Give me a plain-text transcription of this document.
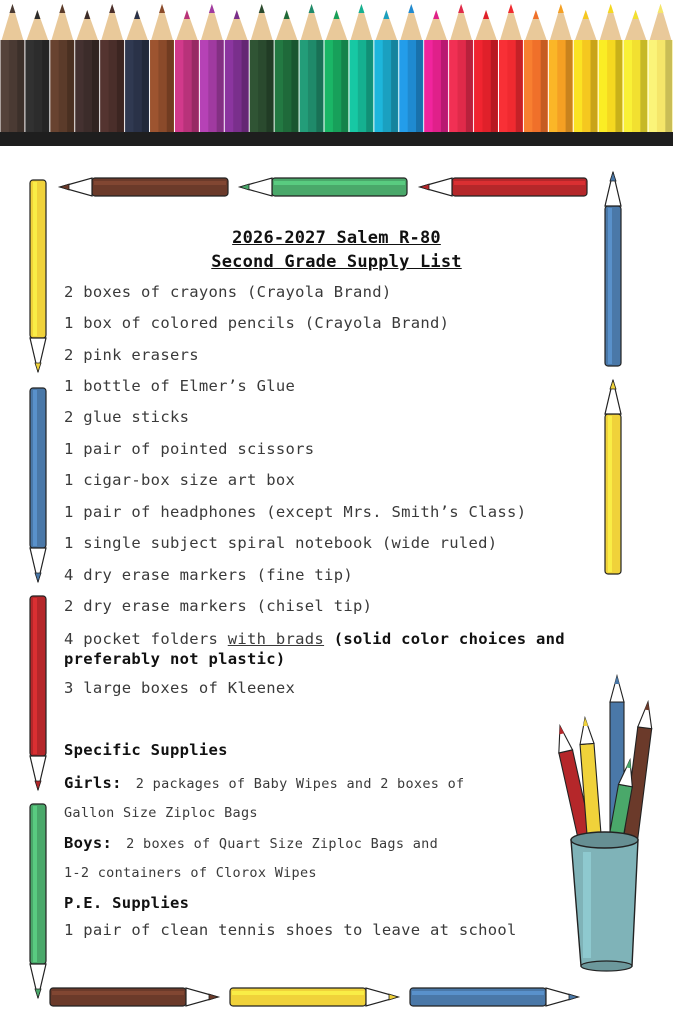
2026-2027 Salem R-80
Second Grade Supply List
2 boxes of crayons (Crayola Brand)
1 box of colored pencils (Crayola Brand)
2 pink erasers
1 bottle of Elmer’s Glue
2 glue sticks
1 pair of pointed scissors
1 cigar-box size art box
1 pair of headphones (except Mrs. Smith’s Class)
1 single subject spiral notebook (wide ruled)
4 dry erase markers (fine tip)
2 dry erase markers (chisel tip)
4 pocket folders with brads (solid color choices and preferably not plastic)
3 large boxes of Kleenex
Specific Supplies
Girls: 2 packages of Baby Wipes and 2 boxes of
Gallon Size Ziploc Bags
Boys: 2 boxes of Quart Size Ziploc Bags and
1-2 containers of Clorox Wipes
P.E. Supplies
1 pair of clean tennis shoes to leave at school
